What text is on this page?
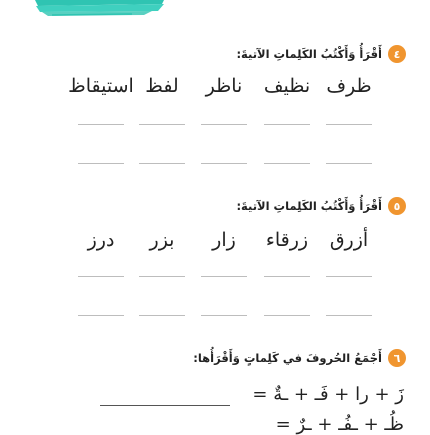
٤
أَقْرَأُ وَأَكْتُبُ الكَلِماتِ الآتيةَ:
ظرف
نظيف
ناظر
لفظ
استيقاظ
٥
أَقْرَأُ وَأَكْتُبُ الكَلِماتِ الآتيةَ:
أزرق
زرقاء
زار
بزر
درز
٦
أَجْمَعُ الحُروفَ في كَلِماتٍ وَأَقْرَأُها:
زَ + را + فَـ + ـةٌ =
ظُـ + ـفُـ + ـرٌ =
